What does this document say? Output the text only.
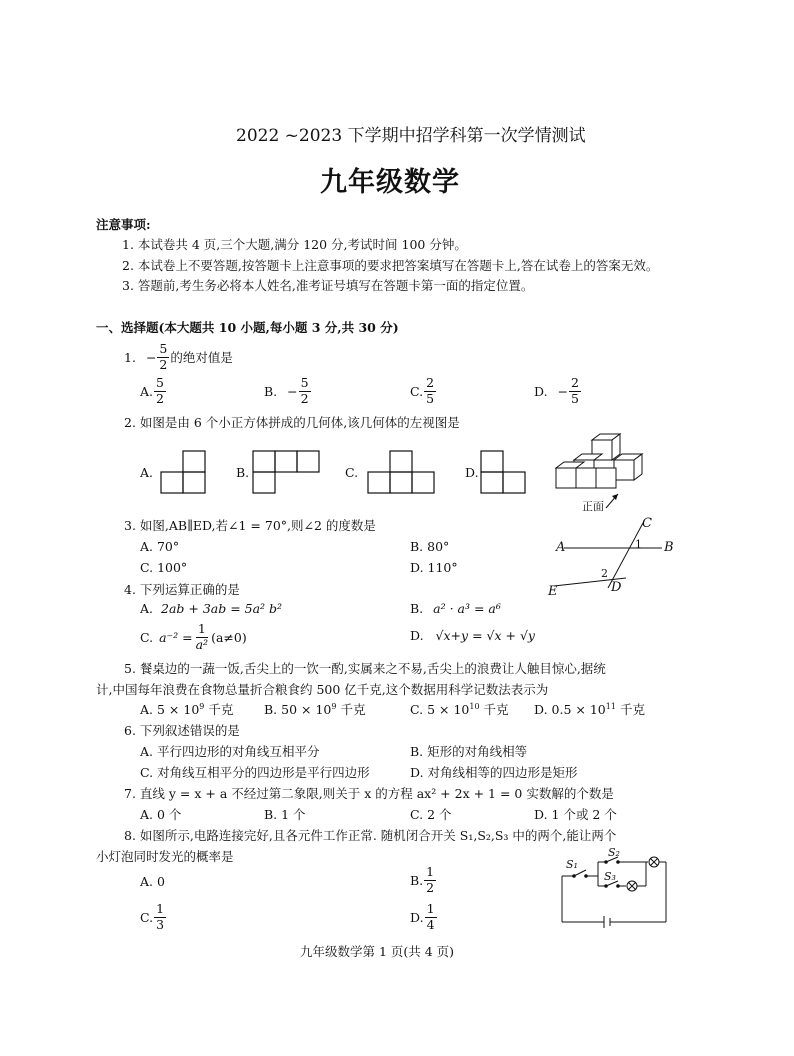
2022 ~2023 下学期中招学科第一次学情测试
九年级数学
注意事项:
1. 本试卷共 4 页,三个大题,满分 120 分,考试时间 100 分钟。
2. 本试卷上不要答题,按答题卡上注意事项的要求把答案填写在答题卡上,答在试卷上的答案无效。
3. 答题前,考生务必将本人姓名,准考证号填写在答题卡第一面的指定位置。
一、选择题(本大题共 10 小题,每小题 3 分,共 30 分)
1. − $\frac{5}{2}$ 的绝对值是
A. $\frac{5}{2}$	B. − $\frac{5}{2}$	C. $\frac{2}{5}$	D. − $\frac{2}{5}$
2. 如图是由 6 个小正方体拼成的几何体,该几何体的左视图是
A.	B.	C.	D.
正面
3. 如图,AB∥ED,若∠1 = 70°,则∠2 的度数是
A. 70°	B. 80°
C. 100°	D. 110°
A	B
C
D
E
1
2
4. 下列运算正确的是
A. 2ab + 3ab = 5a² b²	B. a² · a³ = a⁶
C. $a^{-2} = \frac{1}{\text{a²}} (a\ne 0)$	D. √x+y = √x + √y
5. 餐桌边的一蔬一饭,舌尖上的一饮一酌,实属来之不易,舌尖上的浪费让人触目惊心,据统
计,中国每年浪费在食物总量折合粮食约 500 亿千克,这个数据用科学记数法表示为
A. $5 \times 10^9$ 千克 B. $50 \times 10^9$ 千克	C. $5 \times 10^{10}$ 千克 D. $0.5 \times 10^{11}$ 千克
6. 下列叙述错误的是
A. 平行四边形的对角线互相平分	B. 矩形的对角线相等
C. 对角线互相平分的四边形是平行四边形	D. 对角线相等的四边形是矩形
7. 直线 y = x + a 不经过第二象限,则关于 x 的方程 ax² + 2x + 1 = 0 实数解的个数是
A. 0 个	B. 1 个	C. 2 个	D. 1 个或 2 个
8. 如图所示,电路连接完好,且各元件工作正常. 随机闭合开关 S₁,S₂,S₃ 中的两个,能让两个
小灯泡同时发光的概率是
A. 0	B. $\frac{1}{2}$
C. $\frac{1}{3}$	D. $\frac{1}{4}$
S₁
S₂
S₃
九年级数学第 1 页(共 4 页)
